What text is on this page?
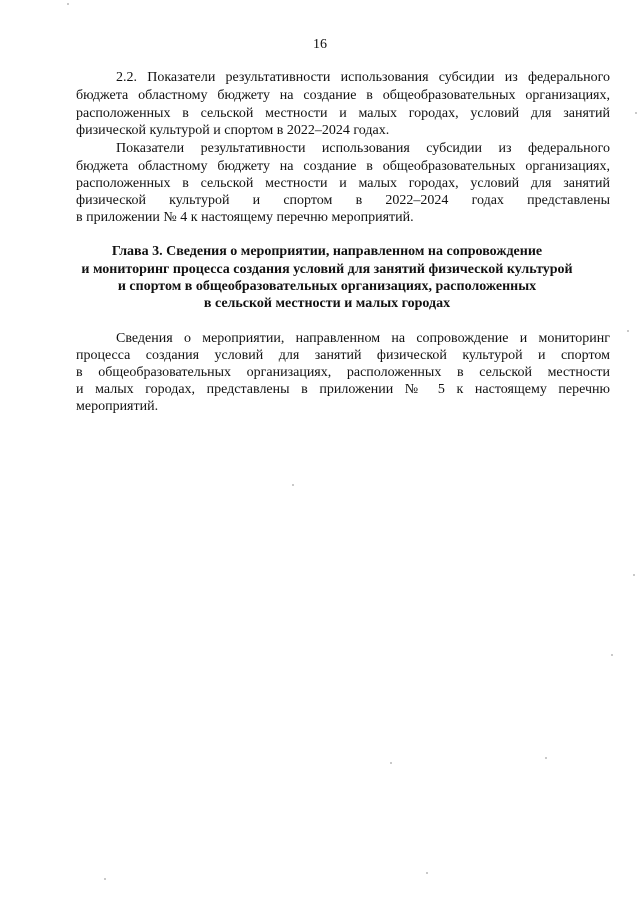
16
2.2. Показатели результативности использования субсидии из федерального
бюджета областному бюджету на создание в общеобразовательных организациях,
расположенных в сельской местности и малых городах, условий для занятий
физической культурой и спортом в 2022–2024 годах.
Показатели результативности использования субсидии из федерального
бюджета областному бюджету на создание в общеобразовательных организациях,
расположенных в сельской местности и малых городах, условий для занятий
физической культурой и спортом в 2022–2024 годах представлены
в приложении № 4 к настоящему перечню мероприятий.
Глава 3. Сведения о мероприятии, направленном на сопровождение
и мониторинг процесса создания условий для занятий физической культурой
и спортом в общеобразовательных организациях, расположенных
в сельской местности и малых городах
Сведения о мероприятии, направленном на сопровождение и мониторинг
процесса создания условий для занятий физической культурой и спортом
в общеобразовательных организациях, расположенных в сельской местности
и малых городах, представлены в приложении № 5 к настоящему перечню
мероприятий.
